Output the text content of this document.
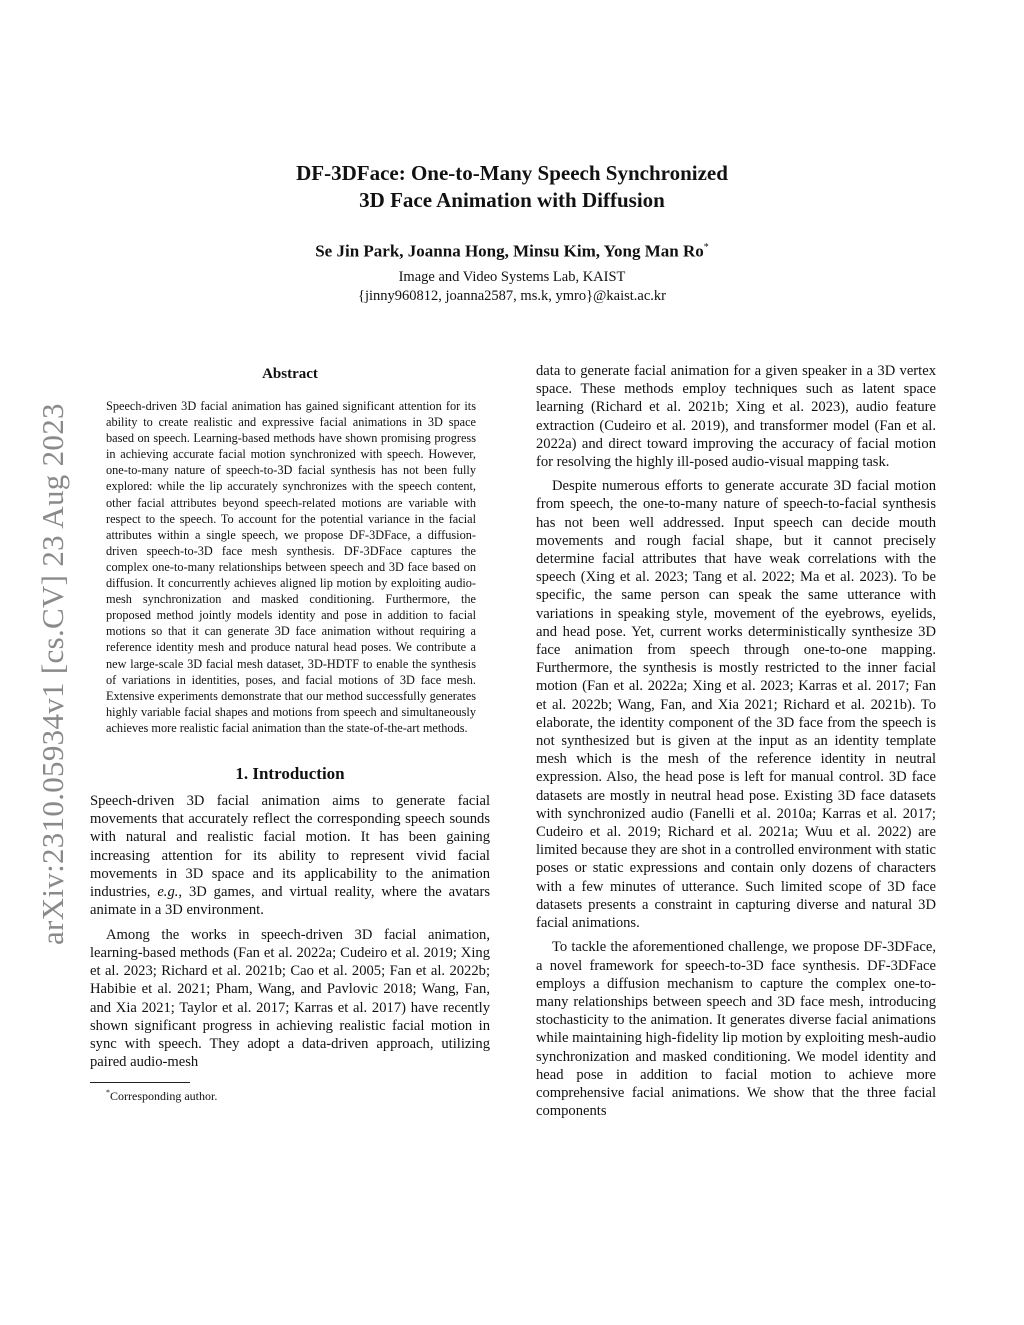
arXiv:2310.05934v1 [cs.CV] 23 Aug 2023
DF-3DFace: One-to-Many Speech Synchronized
3D Face Animation with Diffusion
Se Jin Park, Joanna Hong, Minsu Kim, Yong Man Ro*
Image and Video Systems Lab, KAIST
{jinny960812, joanna2587, ms.k, ymro}@kaist.ac.kr
Abstract
Speech-driven 3D facial animation has gained significant attention for its ability to create realistic and expressive facial animations in 3D space based on speech. Learning-based methods have shown promising progress in achieving accurate facial motion synchronized with speech. However, one-to-many nature of speech-to-3D facial synthesis has not been fully explored: while the lip accurately synchronizes with the speech content, other facial attributes beyond speech-related motions are variable with respect to the speech. To account for the potential variance in the facial attributes within a single speech, we propose DF-3DFace, a diffusion-driven speech-to-3D face mesh synthesis. DF-3DFace captures the complex one-to-many relationships between speech and 3D face based on diffusion. It concurrently achieves aligned lip motion by exploiting audio-mesh synchronization and masked conditioning. Furthermore, the proposed method jointly models identity and pose in addition to facial motions so that it can generate 3D face animation without requiring a reference identity mesh and produce natural head poses. We contribute a new large-scale 3D facial mesh dataset, 3D-HDTF to enable the synthesis of variations in identities, poses, and facial motions of 3D face mesh. Extensive experiments demonstrate that our method successfully generates highly variable facial shapes and motions from speech and simultaneously achieves more realistic facial animation than the state-of-the-art methods.
1. Introduction

Speech-driven 3D facial animation aims to generate facial movements that accurately reflect the corresponding speech sounds with natural and realistic facial motion. It has been gaining increasing attention for its ability to represent vivid facial movements in 3D space and its applicability to the animation industries, e.g., 3D games, and virtual reality, where the avatars animate in a 3D environment.

Among the works in speech-driven 3D facial animation, learning-based methods (Fan et al. 2022a; Cudeiro et al. 2019; Xing et al. 2023; Richard et al. 2021b; Cao et al. 2005; Fan et al. 2022b; Habibie et al. 2021; Pham, Wang, and Pavlovic 2018; Wang, Fan, and Xia 2021; Taylor et al. 2017; Karras et al. 2017) have recently shown significant progress in achieving realistic facial motion in sync with speech. They adopt a data-driven approach, utilizing paired audio-mesh

*Corresponding author.

data to generate facial animation for a given speaker in a 3D vertex space. These methods employ techniques such as latent space learning (Richard et al. 2021b; Xing et al. 2023), audio feature extraction (Cudeiro et al. 2019), and transformer model (Fan et al. 2022a) and direct toward improving the accuracy of facial motion for resolving the highly ill-posed audio-visual mapping task.

Despite numerous efforts to generate accurate 3D facial motion from speech, the one-to-many nature of speech-to-facial synthesis has not been well addressed. Input speech can decide mouth movements and rough facial shape, but it cannot precisely determine facial attributes that have weak correlations with the speech (Xing et al. 2023; Tang et al. 2022; Ma et al. 2023). To be specific, the same person can speak the same utterance with variations in speaking style, movement of the eyebrows, eyelids, and head pose. Yet, current works deterministically synthesize 3D face animation from speech through one-to-one mapping. Furthermore, the synthesis is mostly restricted to the inner facial motion (Fan et al. 2022a; Xing et al. 2023; Karras et al. 2017; Fan et al. 2022b; Wang, Fan, and Xia 2021; Richard et al. 2021b). To elaborate, the identity component of the 3D face from the speech is not synthesized but is given at the input as an identity template mesh which is the mesh of the reference identity in neutral expression. Also, the head pose is left for manual control. 3D face datasets are mostly in neutral head pose. Existing 3D face datasets with synchronized audio (Fanelli et al. 2010a; Karras et al. 2017; Cudeiro et al. 2019; Richard et al. 2021a; Wuu et al. 2022) are limited because they are shot in a controlled environment with static poses or static expressions and contain only dozens of characters with a few minutes of utterance. Such limited scope of 3D face datasets presents a constraint in capturing diverse and natural 3D facial animations.

To tackle the aforementioned challenge, we propose DF-3DFace, a novel framework for speech-to-3D face synthesis. DF-3DFace employs a diffusion mechanism to capture the complex one-to-many relationships between speech and 3D face mesh, introducing stochasticity to the animation. It generates diverse facial animations while maintaining high-fidelity lip motion by exploiting mesh-audio synchronization and masked conditioning. We model identity and head pose in addition to facial motion to achieve more comprehensive facial animations. We show that the three facial components
